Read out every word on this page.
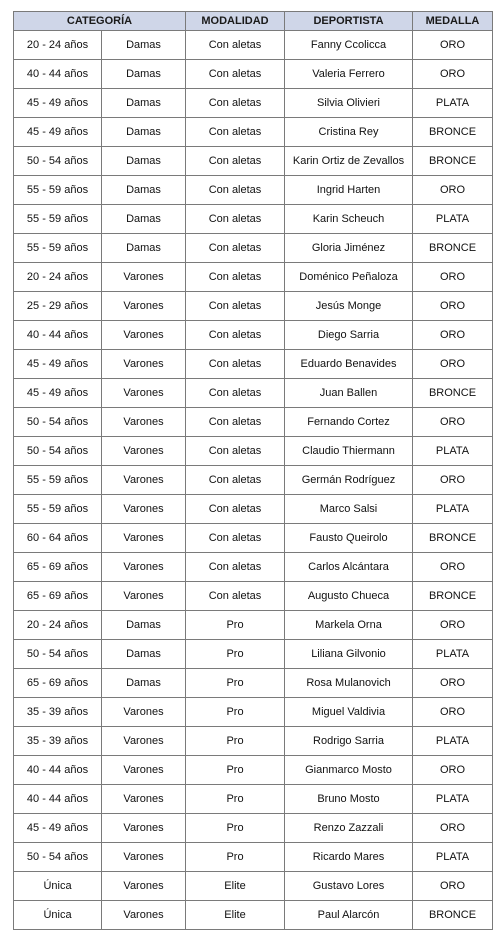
CATEGORÍA		MODALIDAD	DEPORTISTA	MEDALLA
20 - 24 años	Damas	Con aletas	Fanny Ccolicca	ORO
40 - 44 años	Damas	Con aletas	Valeria Ferrero	ORO
45 - 49 años	Damas	Con aletas	Silvia Olivieri	PLATA
45 - 49 años	Damas	Con aletas	Cristina Rey	BRONCE
50 - 54 años	Damas	Con aletas	Karin Ortiz de Zevallos	BRONCE
55 - 59 años	Damas	Con aletas	Ingrid Harten	ORO
55 - 59 años	Damas	Con aletas	Karin Scheuch	PLATA
55 - 59 años	Damas	Con aletas	Gloria Jiménez	BRONCE
20 - 24 años	Varones	Con aletas	Doménico Peñaloza	ORO
25 - 29 años	Varones	Con aletas	Jesús Monge	ORO
40 - 44 años	Varones	Con aletas	Diego Sarria	ORO
45 - 49 años	Varones	Con aletas	Eduardo Benavides	ORO
45 - 49 años	Varones	Con aletas	Juan Ballen	BRONCE
50 - 54 años	Varones	Con aletas	Fernando Cortez	ORO
50 - 54 años	Varones	Con aletas	Claudio Thiermann	PLATA
55 - 59 años	Varones	Con aletas	Germán Rodríguez	ORO
55 - 59 años	Varones	Con aletas	Marco Salsi	PLATA
60 - 64 años	Varones	Con aletas	Fausto Queirolo	BRONCE
65 - 69 años	Varones	Con aletas	Carlos Alcántara	ORO
65 - 69 años	Varones	Con aletas	Augusto Chueca	BRONCE
20 - 24 años	Damas	Pro	Markela Orna	ORO
50 - 54 años	Damas	Pro	Liliana Gilvonio	PLATA
65 - 69 años	Damas	Pro	Rosa Mulanovich	ORO
35 - 39 años	Varones	Pro	Miguel Valdivia	ORO
35 - 39 años	Varones	Pro	Rodrigo Sarria	PLATA
40 - 44 años	Varones	Pro	Gianmarco Mosto	ORO
40 - 44 años	Varones	Pro	Bruno Mosto	PLATA
45 - 49 años	Varones	Pro	Renzo Zazzali	ORO
50 - 54 años	Varones	Pro	Ricardo Mares	PLATA
Única	Varones	Elite	Gustavo Lores	ORO
Única	Varones	Elite	Paul Alarcón	BRONCE
